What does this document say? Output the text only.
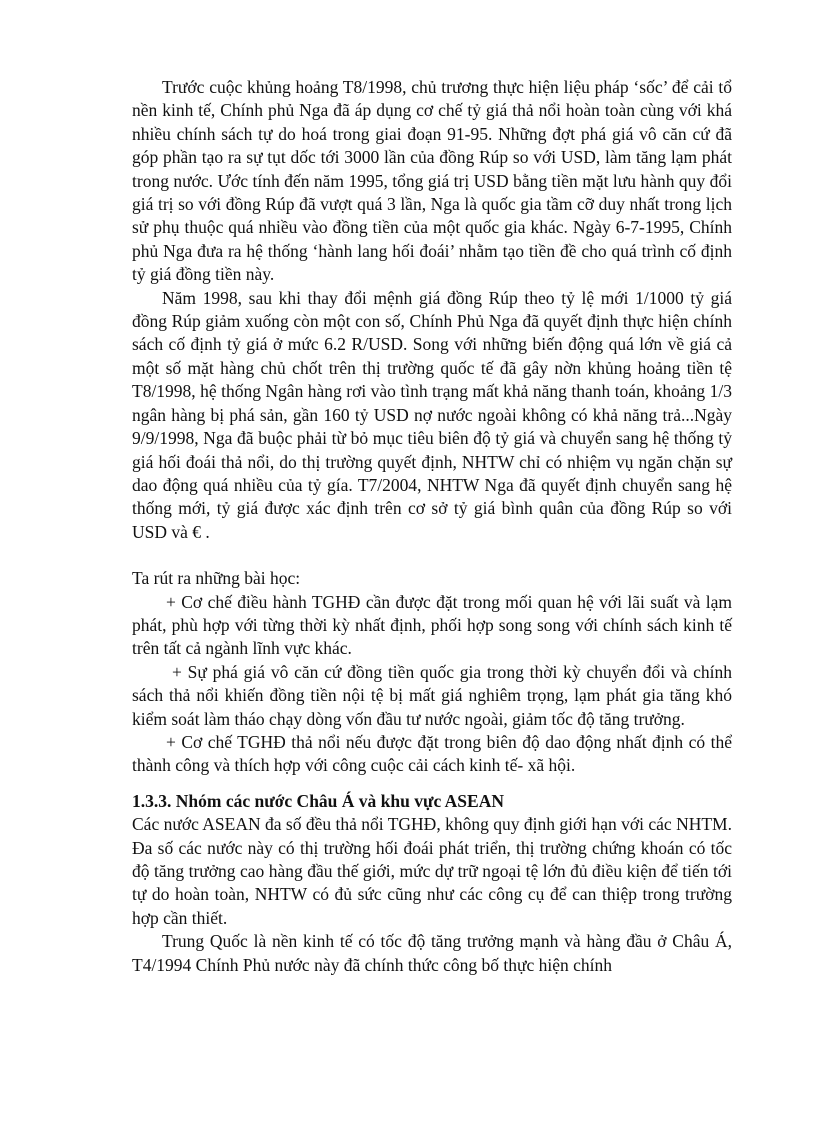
Trước cuộc khủng hoảng T8/1998, chủ trương thực hiện liệu pháp ‘sốc’ để cải tổ nền kinh tế, Chính phủ Nga đã áp dụng cơ chế tỷ giá thả nổi hoàn toàn cùng với khá nhiều chính sách tự do hoá trong giai đoạn 91-95. Những đợt phá giá vô căn cứ đã góp phần tạo ra sự tụt dốc tới 3000 lần của đồng Rúp so với USD, làm tăng lạm phát trong nước. Ước tính đến năm 1995, tổng giá trị USD bằng tiền mặt lưu hành quy đổi giá trị so với đồng Rúp đã vượt quá 3 lần, Nga là quốc gia tầm cỡ duy nhất trong lịch sử phụ thuộc quá nhiều vào đồng tiền của một quốc gia khác. Ngày 6-7-1995, Chính phủ Nga đưa ra hệ thống ‘hành lang hối đoái’ nhằm tạo tiền đề cho quá trình cố định tỷ giá đồng tiền này.

Năm 1998, sau khi thay đổi mệnh giá đồng Rúp theo tỷ lệ mới 1/1000 tỷ giá đồng Rúp giảm xuống còn một con số, Chính Phủ Nga đã quyết định thực hiện chính sách cố định tỷ giá ở mức 6.2 R/USD. Song với những biến động quá lớn về giá cả một số mặt hàng chủ chốt trên thị trường quốc tế đã gây nờn khủng hoảng tiền tệ T8/1998, hệ thống Ngân hàng rơi vào tình trạng mất khả năng thanh toán, khoảng 1/3 ngân hàng bị phá sản, gần 160 tỷ USD nợ nước ngoài không có khả năng trả...Ngày 9/9/1998, Nga đã buộc phải từ bỏ mục tiêu biên độ tỷ giá và chuyển sang hệ thống tỷ giá hối đoái thả nổi, do thị trường quyết định, NHTW chỉ có nhiệm vụ ngăn chặn sự dao động quá nhiều của tỷ gía. T7/2004, NHTW Nga đã quyết định chuyển sang hệ thống mới, tỷ giá được xác định trên cơ sở tỷ giá bình quân của đồng Rúp so với USD và € .

Ta rút ra những bài học:

+ Cơ chế điều hành TGHĐ cần được đặt trong mối quan hệ với lãi suất và lạm phát, phù hợp với từng thời kỳ nhất định, phối hợp song song với chính sách kinh tế trên tất cả ngành lĩnh vực khác.

+ Sự phá giá vô căn cứ đồng tiền quốc gia trong thời kỳ chuyển đổi và chính sách thả nổi khiến đồng tiền nội tệ bị mất giá nghiêm trọng, lạm phát gia tăng khó kiểm soát làm tháo chạy dòng vốn đầu tư nước ngoài, giảm tốc độ tăng trưởng.

+ Cơ chế TGHĐ thả nổi nếu được đặt trong biên độ dao động nhất định có thể thành công và thích hợp với công cuộc cải cách kinh tế- xã hội.

1.3.3. Nhóm các nước Châu Á và khu vực ASEAN

Các nước ASEAN đa số đều thả nổi TGHĐ, không quy định giới hạn với các NHTM. Đa số các nước này có thị trường hối đoái phát triển, thị trường chứng khoán có tốc độ tăng trưởng cao hàng đầu thế giới, mức dự trữ ngoại tệ lớn đủ điều kiện để tiến tới tự do hoàn toàn, NHTW có đủ sức cũng như các công cụ để can thiệp trong trường hợp cần thiết.

Trung Quốc là nền kinh tế có tốc độ tăng trưởng mạnh và hàng đầu ở Châu Á, T4/1994 Chính Phủ nước này đã chính thức công bố thực hiện chính
